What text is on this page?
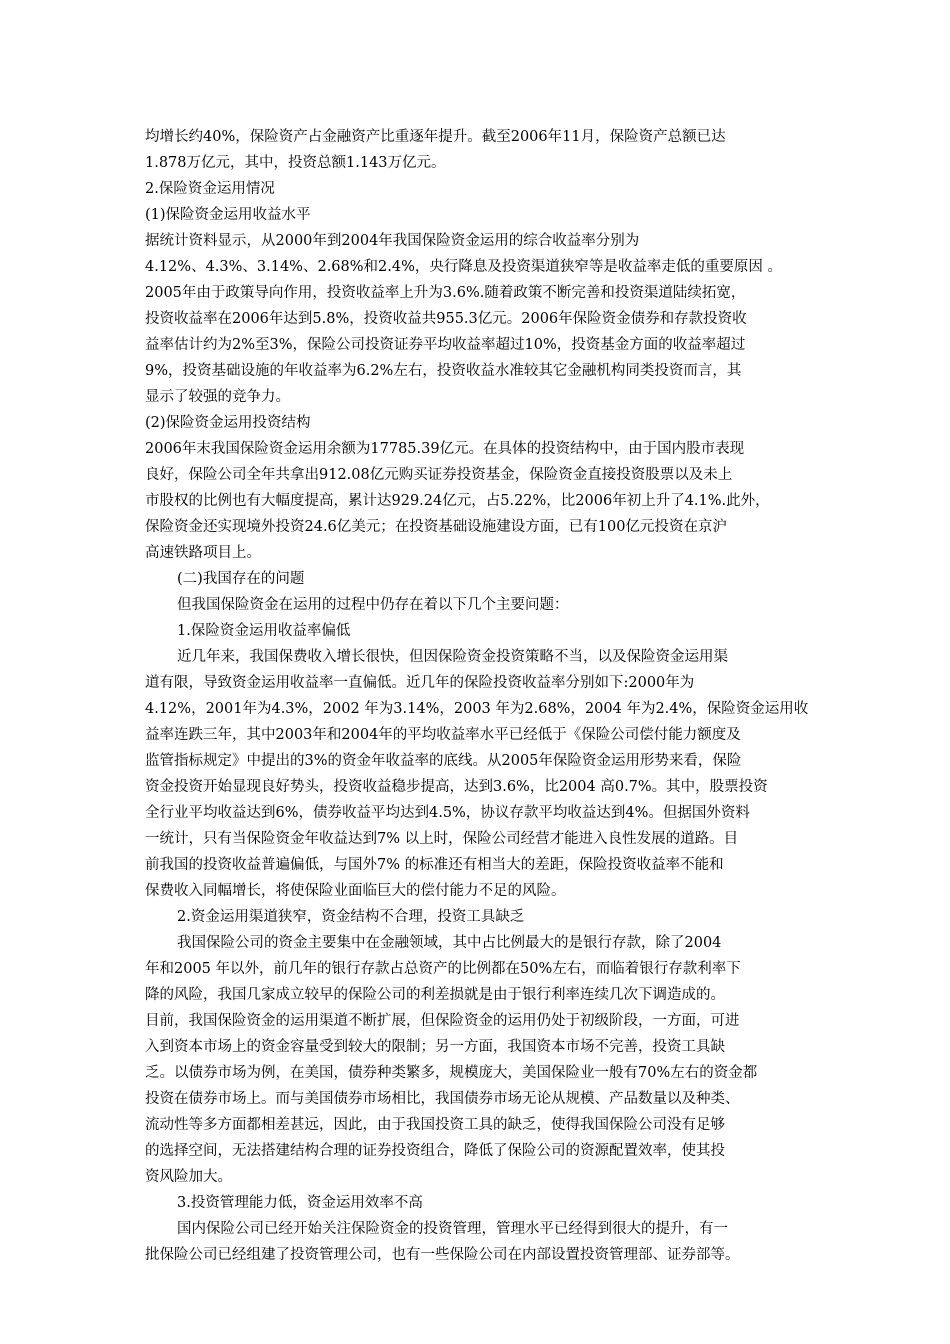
均增长约40%，保险资产占金融资产比重逐年提升。截至2006年11月，保险资产总额已达
1.878万亿元，其中，投资总额1.143万亿元。
2.保险资金运用情况
(1)保险资金运用收益水平
据统计资料显示，从2000年到2004年我国保险资金运用的综合收益率分别为
4.12%、4.3%、3.14%、2.68%和2.4%，央行降息及投资渠道狭窄等是收益率走低的重要原因 。
2005年由于政策导向作用，投资收益率上升为3.6%.随着政策不断完善和投资渠道陆续拓宽，
投资收益率在2006年达到5.8%，投资收益共955.3亿元。2006年保险资金债券和存款投资收
益率估计约为2%至3%，保险公司投资证券平均收益率超过10%，投资基金方面的收益率超过
9%，投资基础设施的年收益率为6.2%左右，投资收益水准较其它金融机构同类投资而言，其
显示了较强的竞争力。
(2)保险资金运用投资结构
2006年末我国保险资金运用余额为17785.39亿元。在具体的投资结构中，由于国内股市表现
良好，保险公司全年共拿出912.08亿元购买证券投资基金，保险资金直接投资股票以及未上
市股权的比例也有大幅度提高，累计达929.24亿元，占5.22%，比2006年初上升了4.1%.此外，
保险资金还实现境外投资24.6亿美元；在投资基础设施建设方面，已有100亿元投资在京沪
高速铁路项目上。
(二)我国存在的问题
但我国保险资金在运用的过程中仍存在着以下几个主要问题：
1.保险资金运用收益率偏低
近几年来，我国保费收入增长很快，但因保险资金投资策略不当，以及保险资金运用渠
道有限，导致资金运用收益率一直偏低。近几年的保险投资收益率分别如下:2000年为
4.12%，2001年为4.3%，2002 年为3.14%，2003 年为2.68%，2004 年为2.4%，保险资金运用收
益率连跌三年，其中2003年和2004年的平均收益率水平已经低于《保险公司偿付能力额度及
监管指标规定》中提出的3%的资金年收益率的底线。从2005年保险资金运用形势来看，保险
资金投资开始显现良好势头，投资收益稳步提高，达到3.6%，比2004 高0.7%。其中，股票投资
全行业平均收益达到6%，债券收益平均达到4.5%，协议存款平均收益达到4%。但据国外资料
一统计，只有当保险资金年收益达到7% 以上时，保险公司经营才能进入良性发展的道路。目
前我国的投资收益普遍偏低，与国外7% 的标准还有相当大的差距，保险投资收益率不能和
保费收入同幅增长，将使保险业面临巨大的偿付能力不足的风险。
2.资金运用渠道狭窄，资金结构不合理，投资工具缺乏
我国保险公司的资金主要集中在金融领域，其中占比例最大的是银行存款，除了2004
年和2005 年以外，前几年的银行存款占总资产的比例都在50%左右，而临着银行存款利率下
降的风险，我国几家成立较早的保险公司的利差损就是由于银行利率连续几次下调造成的。
目前，我国保险资金的运用渠道不断扩展，但保险资金的运用仍处于初级阶段，一方面，可进
入到资本市场上的资金容量受到较大的限制；另一方面，我国资本市场不完善，投资工具缺
乏。以债券市场为例，在美国，债券种类繁多，规模庞大，美国保险业一般有70%左右的资金都
投资在债券市场上。而与美国债券市场相比，我国债券市场无论从规模、产品数量以及种类、
流动性等多方面都相差甚远，因此，由于我国投资工具的缺乏，使得我国保险公司没有足够
的选择空间，无法搭建结构合理的证券投资组合，降低了保险公司的资源配置效率，使其投
资风险加大。
3.投资管理能力低，资金运用效率不高
国内保险公司已经开始关注保险资金的投资管理，管理水平已经得到很大的提升，有一
批保险公司已经组建了投资管理公司，也有一些保险公司在内部设置投资管理部、证券部等。
